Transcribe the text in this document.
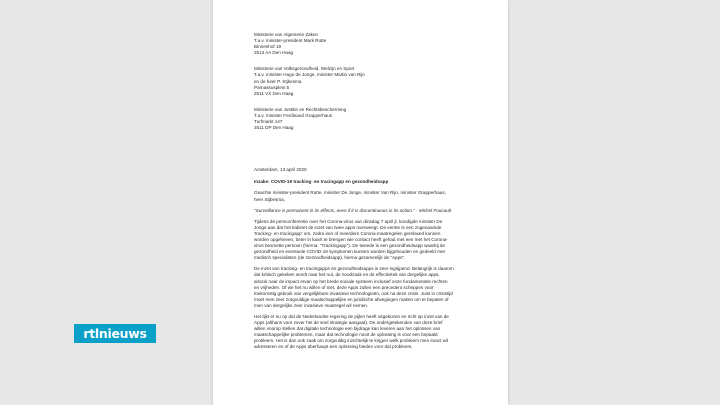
Ministerie van Algemene Zaken
T.a.v. minister-president Mark Rutte
Binnenhof 19
2513 AA Den Haag
Ministerie van Volksgezondheid, Welzijn en Sport
T.a.v. minister Hugo de Jonge, minister Martin van Rijn
en de heer P. Stjbesma
Parnassusplein 5
2511 VX Den Haag
Ministerie van Justitie en Rechtsbescherming
T.a.v. minister Ferdinand Grapperhaus
Turfmarkt 147
2511 DP Den Haag
Amsterdam, 13 april 2020
Inzake: COVID-19 tracking- en tracingapp en gezondheidsapp
Geachte minister-president Rutte, minister De Jonge, minister Van Rijn, minister Grapperhaus,
heer Stjbesma,
"Surveillance is permanent in its effects, even if it is discontinuous in its action." - Michel Foucault
Tijdens de persconferentie over het Corona-virus van dinsdag 7 april jl. kondigde minister De
Jonge aan dat het kabinet de inzet van twee apps overweegt. De eerste is een zogenaamde
'tracking- en tracingapp' om, zodra een of meerdere Corona-maatregelen gerelaxed kunnen
worden opgeheven, beter in kaart te brengen wie contact heeft gehad met een met het Corona-
virus besmette persoon (hierna: "Trackingapp"). De tweede is een gezondheidsapp waarbij de
gezondheid en eventuele COVID-19 symptomen kunnen worden bijgehouden en gedeeld met
medisch specialisten (de Gezondheidsapp), hierna gezamenlijk de "Apps".
De inzet van tracking- en tracingapps en gezondheidsapps is zeer ingrijpend. Belangrijk is daarom
dat kritisch gekeken wordt naar het nut, de noodzaak en de effectiviteit van dergelijke apps,
alsook naar de impact ervan op het brede sociale systeem inclusief onze fundamentele rechten
en vrijheden. Of we het nu willen of niet, deze Apps zullen een precedent scheppen voor
toekomstig gebruik van vergelijkbare invasieve technologieën, ook na deze crisis. Juist in crisistijd
moet men zeer zorgvuldige maatschappelijke en juridische afwegingen maken om te bepalen of
men van dergelijke zeer invasieve maatregel wil nemen.
Het lijkt er nu op dat de Nederlandse regering de pijlen heeft uitgekozen en richt op inzet van de
Apps (althans voor zover het de snel strategie aangaat). De ondergetekenden van deze brief
willen voorop stellen dat digitale technologie een bijdrage kan leveren aan het oplossen van
maatschappelijke problemen, maar dat technologie nooit de oplossing is voor een bepaald
probleem. Het is dan ook zaak om zorgvuldig inzichtelijk te krijgen welk probleem men exact wil
adresseren en of de Apps überhaupt een oplossing bieden voor dat probleem.
rtl nieuws
